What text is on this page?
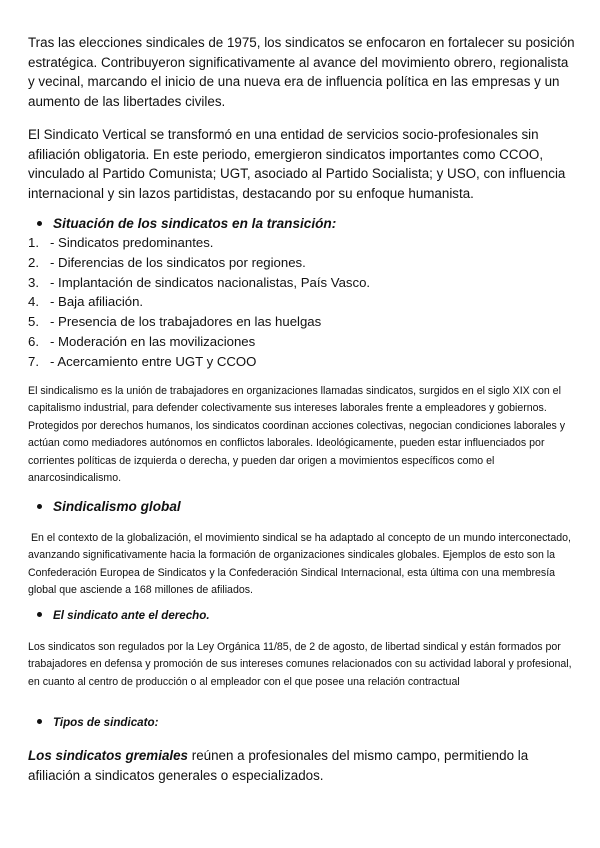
Tras las elecciones sindicales de 1975, los sindicatos se enfocaron en fortalecer su posición estratégica. Contribuyeron significativamente al avance del movimiento obrero, regionalista y vecinal, marcando el inicio de una nueva era de influencia política en las empresas y un aumento de las libertades civiles.

El Sindicato Vertical se transformó en una entidad de servicios socio-profesionales sin afiliación obligatoria. En este periodo, emergieron sindicatos importantes como CCOO, vinculado al Partido Comunista; UGT, asociado al Partido Socialista; y USO, con influencia internacional y sin lazos partidistas, destacando por su enfoque humanista.

Situación de los sindicatos en la transición:
1. - Sindicatos predominantes.
2. - Diferencias de los sindicatos por regiones.
3. - Implantación de sindicatos nacionalistas, País Vasco.
4. - Baja afiliación.
5. - Presencia de los trabajadores en las huelgas
6. - Moderación en las movilizaciones
7. - Acercamiento entre UGT y CCOO

El sindicalismo es la unión de trabajadores en organizaciones llamadas sindicatos, surgidos en el siglo XIX con el capitalismo industrial, para defender colectivamente sus intereses laborales frente a empleadores y gobiernos. Protegidos por derechos humanos, los sindicatos coordinan acciones colectivas, negocian condiciones laborales y actúan como mediadores autónomos en conflictos laborales. Ideológicamente, pueden estar influenciados por corrientes políticas de izquierda o derecha, y pueden dar origen a movimientos específicos como el anarcosindicalismo.

Sindicalismo global

En el contexto de la globalización, el movimiento sindical se ha adaptado al concepto de un mundo interconectado, avanzando significativamente hacia la formación de organizaciones sindicales globales. Ejemplos de esto son la Confederación Europea de Sindicatos y la Confederación Sindical Internacional, esta última con una membresía global que asciende a 168 millones de afiliados.

El sindicato ante el derecho.

Los sindicatos son regulados por la Ley Orgánica 11/85, de 2 de agosto, de libertad sindical y están formados por trabajadores en defensa y promoción de sus intereses comunes relacionados con su actividad laboral y profesional, en cuanto al centro de producción o al empleador con el que posee una relación contractual

Tipos de sindicato:

Los sindicatos gremiales reúnen a profesionales del mismo campo, permitiendo la afiliación a sindicatos generales o especializados.
